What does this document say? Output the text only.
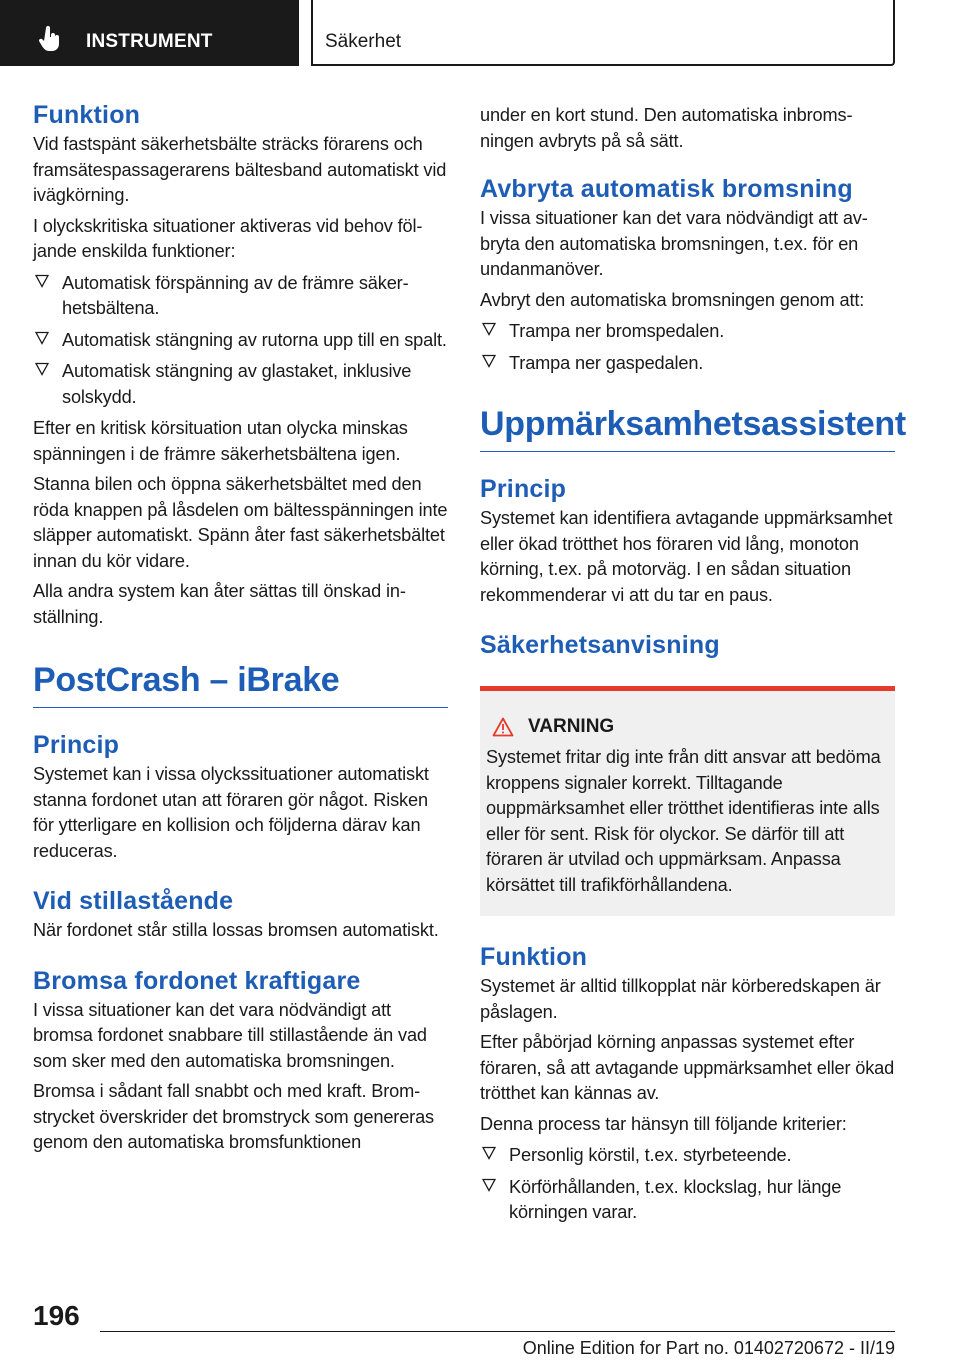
INSTRUMENT	Säkerhet
Funktion

Vid fastspänt säkerhetsbälte sträcks förarens och framsätespassagerarens bältesband automatiskt vid ivägkörning.

I olyckskritiska situationer aktiveras vid behov följande enskilda funktioner:

Automatisk förspänning av de främre säkerhetsbältena.
Automatisk stängning av rutorna upp till en spalt.
Automatisk stängning av glastaket, inklusive solskydd.

Efter en kritisk körsituation utan olycka minskas spänningen i de främre säkerhetsbältena igen.

Stanna bilen och öppna säkerhetsbältet med den röda knappen på låsdelen om bältesspänningen inte släpper automatiskt. Spänn åter fast säkerhetsbältet innan du kör vidare.

Alla andra system kan åter sättas till önskad inställning.

PostCrash – iBrake
Princip

Systemet kan i vissa olyckssituationer automatiskt stanna fordonet utan att föraren gör något. Risken för ytterligare en kollision och följderna därav kan reduceras.

Vid stillastående

När fordonet står stilla lossas bromsen automatiskt.

Bromsa fordonet kraftigare

I vissa situationer kan det vara nödvändigt att bromsa fordonet snabbare till stillastående än vad som sker med den automatiska bromsningen.

Bromsa i sådant fall snabbt och med kraft. Bromstrycket överskrider det bromstryck som genereras genom den automatiska bromsfunktionen

under en kort stund. Den automatiska inbromsningen avbryts på så sätt.

Avbryta automatisk bromsning

I vissa situationer kan det vara nödvändigt att avbryta den automatiska bromsningen, t.ex. för en undanmanöver.

Avbryt den automatiska bromsningen genom att:

Trampa ner bromspedalen.
Trampa ner gaspedalen.
Uppmärksamhetsassistent
Princip

Systemet kan identifiera avtagande uppmärksamhet eller ökad trötthet hos föraren vid lång, monoton körning, t.ex. på motorväg. I en sådan situation rekommenderar vi att du tar en paus.

Säkerhetsanvisning
VARNING

Systemet fritar dig inte från ditt ansvar att bedöma kroppens signaler korrekt. Tilltagande ouppmärksamhet eller trötthet identifieras inte alls eller för sent. Risk för olyckor. Se därför till att föraren är utvilad och uppmärksam. Anpassa körsättet till trafikförhållandena.

Funktion

Systemet är alltid tillkopplat när körberedskapen är påslagen.

Efter påbörjad körning anpassas systemet efter föraren, så att avtagande uppmärksamhet eller ökad trötthet kan kännas av.

Denna process tar hänsyn till följande kriterier:

Personlig körstil, t.ex. styrbeteende.
Körförhållanden, t.ex. klockslag, hur länge körningen varar.
196
Online Edition for Part no. 01402720672 - II/19
